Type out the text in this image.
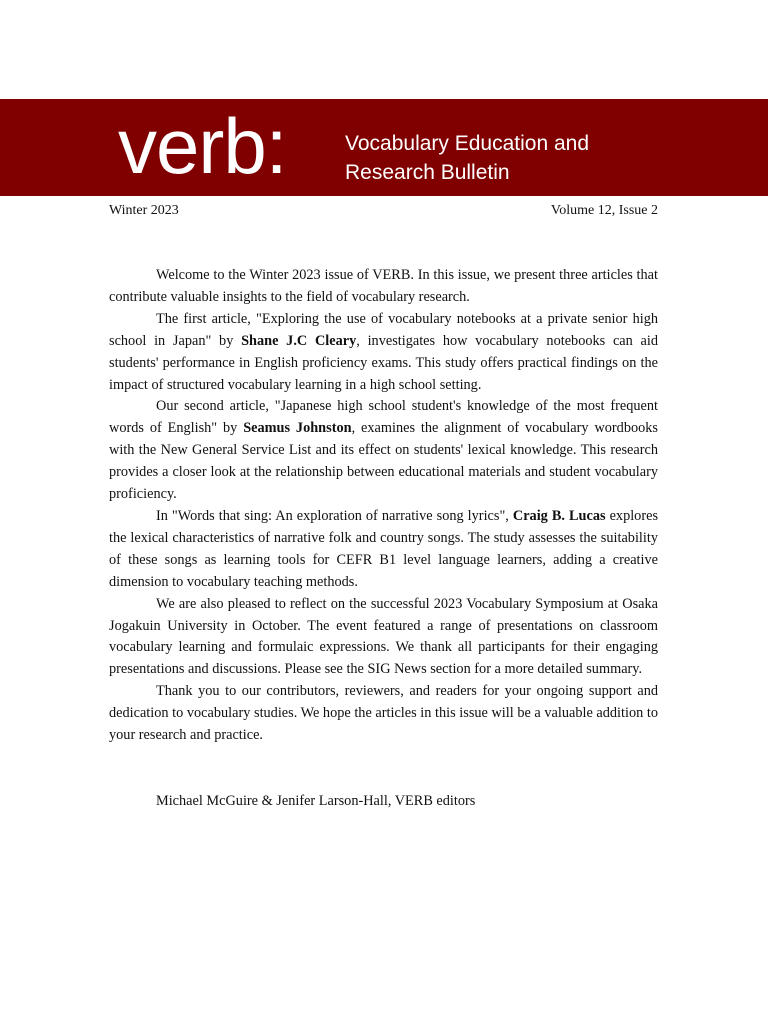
verb:	Vocabulary Education and
Research Bulletin
Winter 2023	Volume 12, Issue 2

Welcome to the Winter 2023 issue of VERB. In this issue, we present three articles that contribute valuable insights to the field of vocabulary research.

The first article, "Exploring the use of vocabulary notebooks at a private senior high school in Japan" by Shane J.C Cleary, investigates how vocabulary notebooks can aid students' performance in English proficiency exams. This study offers practical findings on the impact of structured vocabulary learning in a high school setting.

Our second article, "Japanese high school student's knowledge of the most frequent words of English" by Seamus Johnston, examines the alignment of vocabulary wordbooks with the New General Service List and its effect on students' lexical knowledge. This research provides a closer look at the relationship between educational materials and student vocabulary proficiency.

In "Words that sing: An exploration of narrative song lyrics", Craig B. Lucas explores the lexical characteristics of narrative folk and country songs. The study assesses the suitability of these songs as learning tools for CEFR B1 level language learners, adding a creative dimension to vocabulary teaching methods.

We are also pleased to reflect on the successful 2023 Vocabulary Symposium at Osaka Jogakuin University in October. The event featured a range of presentations on classroom vocabulary learning and formulaic expressions. We thank all participants for their engaging presentations and discussions. Please see the SIG News section for a more detailed summary.

Thank you to our contributors, reviewers, and readers for your ongoing support and dedication to vocabulary studies. We hope the articles in this issue will be a valuable addition to your research and practice.

Michael McGuire & Jenifer Larson-Hall, VERB editors
